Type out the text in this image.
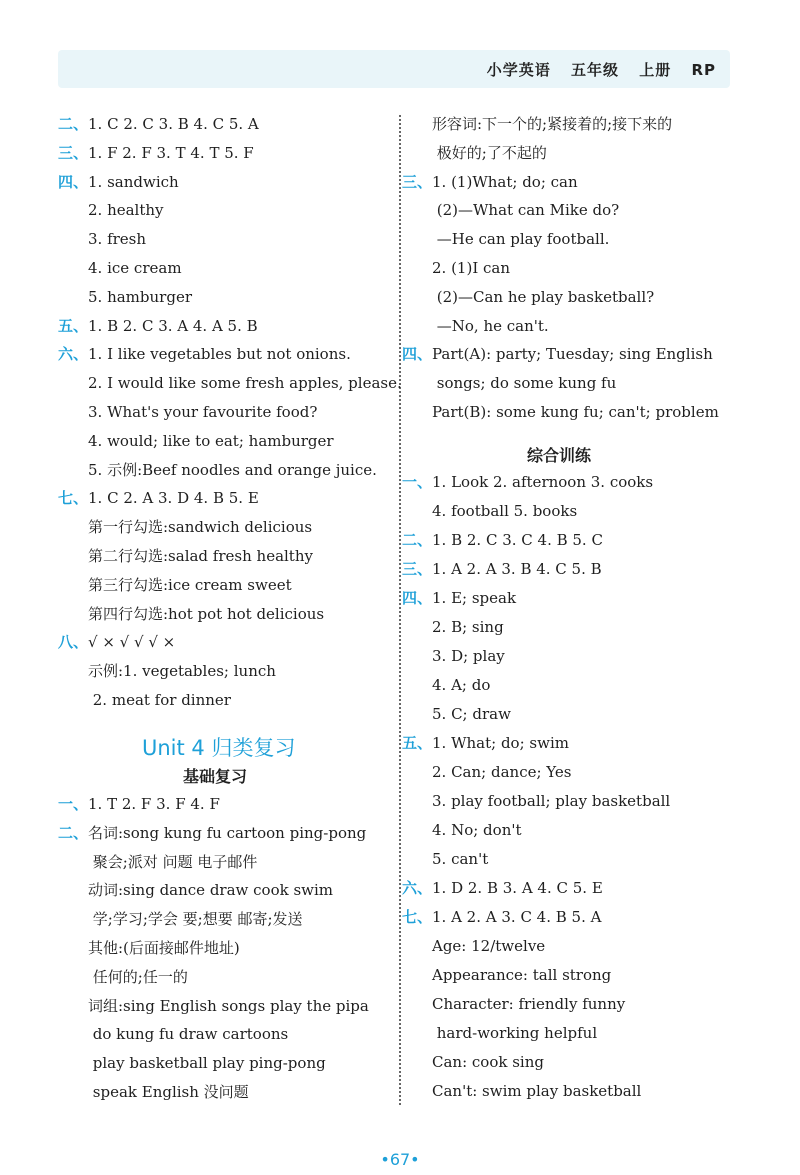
小学英语 五年级 上册 RP
二、1. C 2. C 3. B 4. C 5. A
三、1. F 2. F 3. T 4. T 5. F
四、1. sandwich
2. healthy
3. fresh
4. ice cream
5. hamburger
五、1. B 2. C 3. A 4. A 5. B
六、1. I like vegetables but not onions.
2. I would like some fresh apples, please.
3. What's your favourite food?
4. would; like to eat; hamburger
5. 示例:Beef noodles and orange juice.
七、1. C 2. A 3. D 4. B 5. E
第一行勾选:sandwich delicious
第二行勾选:salad fresh healthy
第三行勾选:ice cream sweet
第四行勾选:hot pot hot delicious
八、√ × √ √ √ ×
示例:1. vegetables; lunch
2. meat for dinner
一、1. T 2. F 3. F 4. F
二、名词:song kung fu cartoon ping-pong
聚会;派对 问题 电子邮件
动词:sing dance draw cook swim
学;学习;学会 要;想要 邮寄;发送
其他:(后面接邮件地址)
任何的;任一的
词组:sing English songs play the pipa
do kung fu draw cartoons
play basketball play ping-pong
speak English 没问题
Unit 4 归类复习
基础复习
综合训练
形容词:下一个的;紧接着的;接下来的
极好的;了不起的
三、1. (1)What; do; can
(2)—What can Mike do?
—He can play football.
2. (1)I can
(2)—Can he play basketball?
—No, he can't.
四、Part(A): party; Tuesday; sing English
songs; do some kung fu
Part(B): some kung fu; can't; problem
一、1. Look 2. afternoon 3. cooks
4. football 5. books
二、1. B 2. C 3. C 4. B 5. C
三、1. A 2. A 3. B 4. C 5. B
四、1. E; speak
2. B; sing
3. D; play
4. A; do
5. C; draw
五、1. What; do; swim
2. Can; dance; Yes
3. play football; play basketball
4. No; don't
5. can't
六、1. D 2. B 3. A 4. C 5. E
七、1. A 2. A 3. C 4. B 5. A
Age: 12/twelve
Appearance: tall strong
Character: friendly funny
hard-working helpful
Can: cook sing
Can't: swim play basketball
•67•
